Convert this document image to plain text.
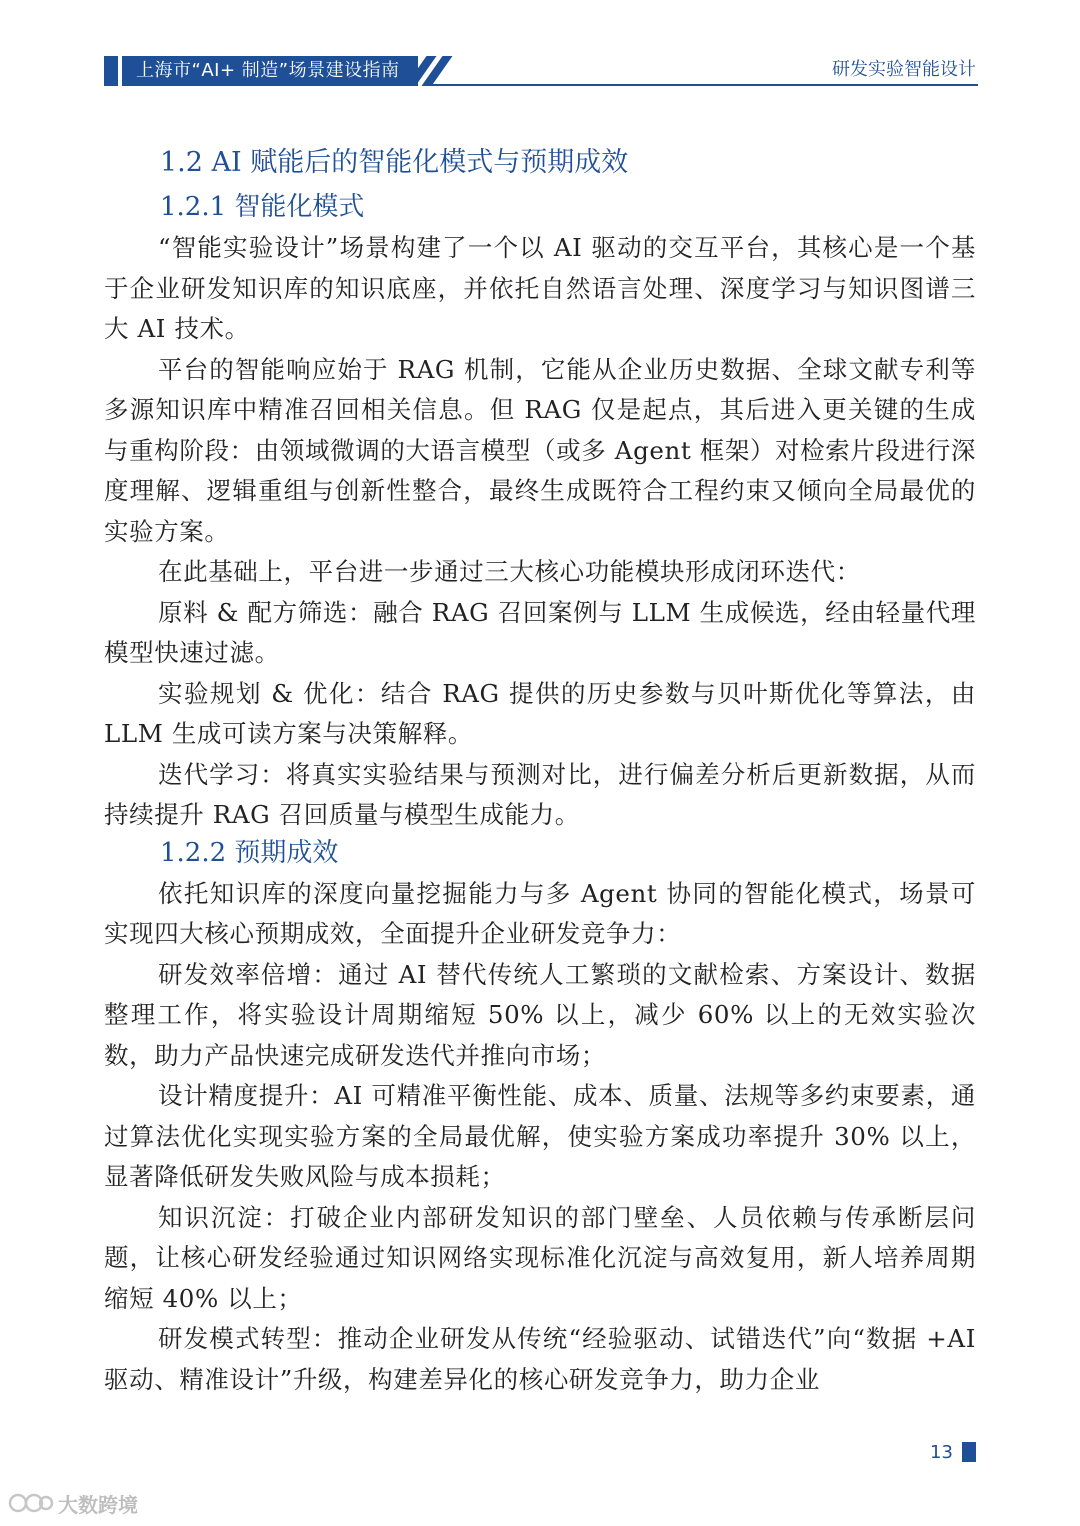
上海市“AI+ 制造”场景建设指南	研发实验智能设计
1.2 AI 赋能后的智能化模式与预期成效
1.2.1 智能化模式

“智能实验设计”场景构建了一个以 AI 驱动的交互平台，其核心是一个基于企业研发知识库的知识底座，并依托自然语言处理、深度学习与知识图谱三大 AI 技术。

平台的智能响应始于 RAG 机制，它能从企业历史数据、全球文献专利等多源知识库中精准召回相关信息。但 RAG 仅是起点，其后进入更关键的生成与重构阶段：由领域微调的大语言模型（或多 Agent 框架）对检索片段进行深度理解、逻辑重组与创新性整合，最终生成既符合工程约束又倾向全局最优的实验方案。

在此基础上，平台进一步通过三大核心功能模块形成闭环迭代：

原料 & 配方筛选：融合 RAG 召回案例与 LLM 生成候选，经由轻量代理模型快速过滤。

实验规划 & 优化：结合 RAG 提供的历史参数与贝叶斯优化等算法，由 LLM 生成可读方案与决策解释。

迭代学习：将真实实验结果与预测对比，进行偏差分析后更新数据，从而持续提升 RAG 召回质量与模型生成能力。

1.2.2 预期成效

依托知识库的深度向量挖掘能力与多 Agent 协同的智能化模式，场景可实现四大核心预期成效，全面提升企业研发竞争力：

研发效率倍增：通过 AI 替代传统人工繁琐的文献检索、方案设计、数据整理工作，将实验设计周期缩短 50% 以上，减少 60% 以上的无效实验次数，助力产品快速完成研发迭代并推向市场；

设计精度提升：AI 可精准平衡性能、成本、质量、法规等多约束要素，通过算法优化实现实验方案的全局最优解，使实验方案成功率提升 30% 以上，显著降低研发失败风险与成本损耗；

知识沉淀：打破企业内部研发知识的部门壁垒、人员依赖与传承断层问题，让核心研发经验通过知识网络实现标准化沉淀与高效复用，新人培养周期缩短 40% 以上；

研发模式转型：推动企业研发从传统“经验驱动、试错迭代”向“数据 +AI 驱动、精准设计”升级，构建差异化的核心研发竞争力，助力企业

13
大数跨境
